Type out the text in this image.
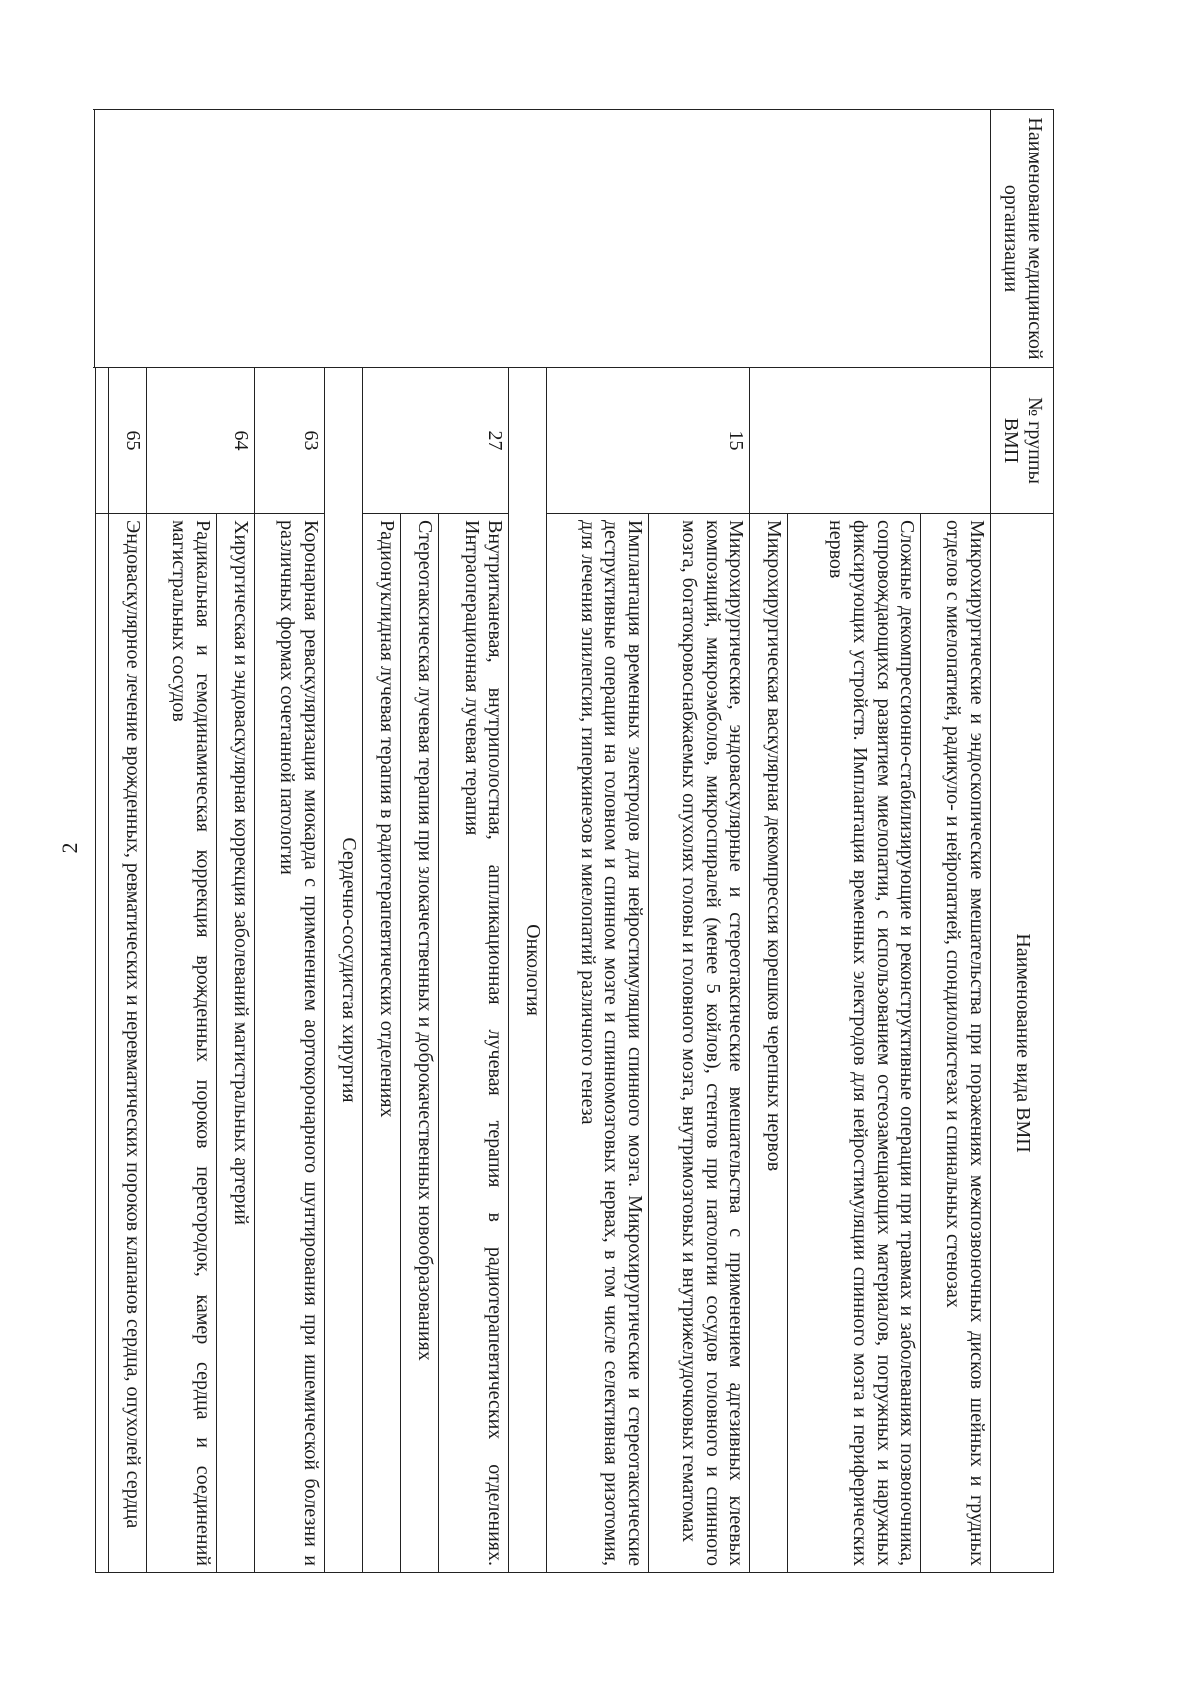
2
Наименование медицинской организации	№ группы ВМП	Наименование вида ВМП
		Микрохирургические и эндоскопические вмешательства при поражениях межпозвоночных дисков шейных и грудных отделов с миелопатией, радикуло- и нейропатией, спондилолистезах и спинальных стенозах
		Сложные декомпрессионно-стабилизирующие и реконструктивные операции при травмах и заболеваниях позвоночника, сопровождающихся развитием миелопатии, с использованием остеозамещающих материалов, погружных и наружных фиксирующих устройств. Имплантация временных электродов для нейростимуляции спинного мозга и периферических нервов
		Микрохирургическая васкулярная декомпрессия корешков черепных нервов
	15	Микрохирургические, эндоваскулярные и стереотаксические вмешательства с применением адгезивных клеевых композиций, микроэмболов, микроспиралей (менее 5 койлов), стентов при патологии сосудов головного и спинного мозга, богатокровоснабжаемых опухолях головы и головного мозга, внутримозговых и внутрижелудочковых гематомах
		Имплантация временных электродов для нейростимуляции спинного мозга. Микрохирургические и стереотаксические деструктивные операции на головном и спинном мозге и спинномозговых нервах, в том числе селективная ризотомия, для лечения эпилепсии, гиперкинезов и миелопатий различного генеза
	Онкология	
	27	Внутритканевая, внутриполостная, аппликационная лучевая терапия в радиотерапевтических отделениях. Интраоперационная лучевая терапия
		Стереотаксическая лучевая терапия при злокачественных и доброкачественных новообразованиях
		Радионуклидная лучевая терапия в радиотерапевтических отделениях
	Сердечно-сосудистая хирургия	
	63	Коронарная реваскуляризация миокарда с применением аортокоронарного шунтирования при ишемической болезни и различных формах сочетанной патологии
	64	Хирургическая и эндоваскулярная коррекция заболеваний магистральных артерий
		Радикальная и гемодинамическая коррекция врожденных пороков перегородок, камер сердца и соединений магистральных сосудов
	65	Эндоваскулярное лечение врожденных, ревматических и неревматических пороков клапанов сердца, опухолей сердца
